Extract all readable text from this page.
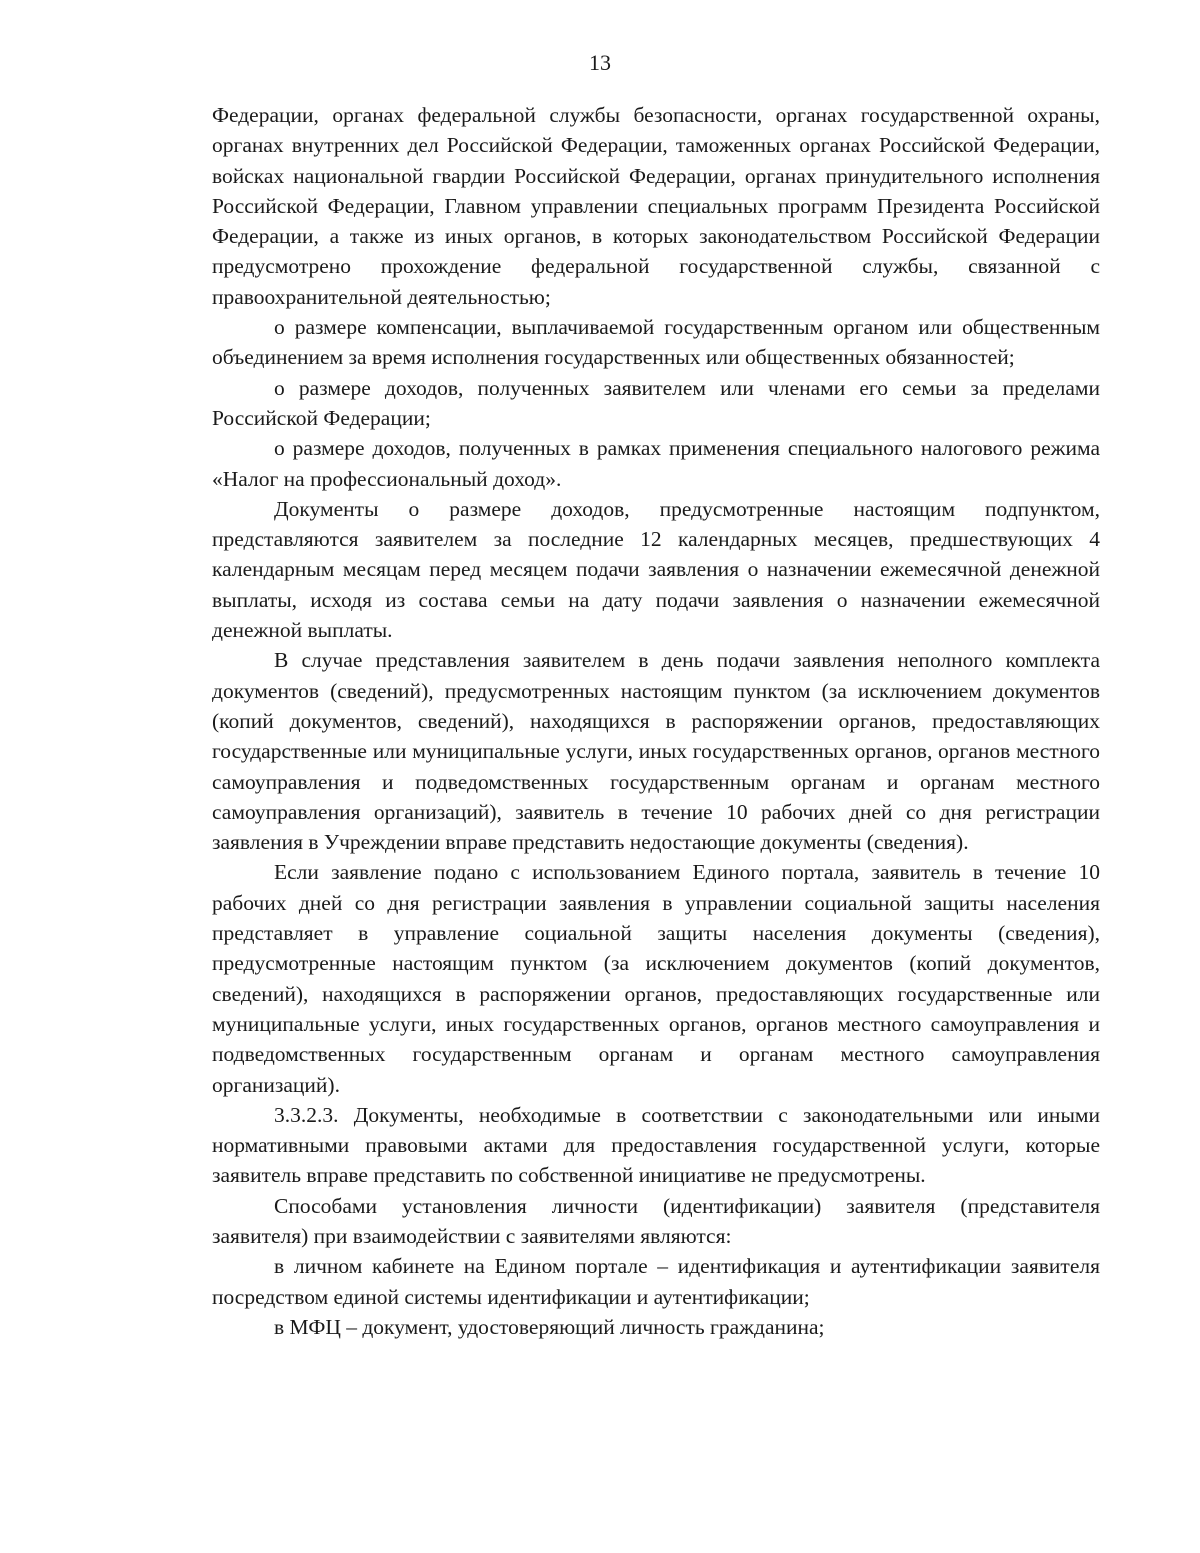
13

Федерации, органах федеральной службы безопасности, органах государственной охраны, органах внутренних дел Российской Федерации, таможенных органах Российской Федерации, войсках национальной гвардии Российской Федерации, органах принудительного исполнения Российской Федерации, Главном управлении специальных программ Президента Российской Федерации, а также из иных органов, в которых законодательством Российской Федерации предусмотрено прохождение федеральной государственной службы, связанной с правоохранительной деятельностью;

о размере компенсации, выплачиваемой государственным органом или общественным объединением за время исполнения государственных или общественных обязанностей;

о размере доходов, полученных заявителем или членами его семьи за пределами Российской Федерации;

о размере доходов, полученных в рамках применения специального налогового режима «Налог на профессиональный доход».

Документы о размере доходов, предусмотренные настоящим подпунктом, представляются заявителем за последние 12 календарных месяцев, предшествующих 4 календарным месяцам перед месяцем подачи заявления о назначении ежемесячной денежной выплаты, исходя из состава семьи на дату подачи заявления о назначении ежемесячной денежной выплаты.

В случае представления заявителем в день подачи заявления неполного комплекта документов (сведений), предусмотренных настоящим пунктом (за исключением документов (копий документов, сведений), находящихся в распоряжении органов, предоставляющих государственные или муниципальные услуги, иных государственных органов, органов местного самоуправления и подведомственных государственным органам и органам местного самоуправления организаций), заявитель в течение 10 рабочих дней со дня регистрации заявления в Учреждении вправе представить недостающие документы (сведения).

Если заявление подано с использованием Единого портала, заявитель в течение 10 рабочих дней со дня регистрации заявления в управлении социальной защиты населения представляет в управление социальной защиты населения документы (сведения), предусмотренные настоящим пунктом (за исключением документов (копий документов, сведений), находящихся в распоряжении органов, предоставляющих государственные или муниципальные услуги, иных государственных органов, органов местного самоуправления и подведомственных государственным органам и органам местного самоуправления организаций).

3.3.2.3. Документы, необходимые в соответствии с законодательными или иными нормативными правовыми актами для предоставления государственной услуги, которые заявитель вправе представить по собственной инициативе не предусмотрены.

Способами установления личности (идентификации) заявителя (представителя заявителя) при взаимодействии с заявителями являются:

в личном кабинете на Едином портале – идентификация и аутентификации заявителя посредством единой системы идентификации и аутентификации;

в МФЦ – документ, удостоверяющий личность гражданина;
